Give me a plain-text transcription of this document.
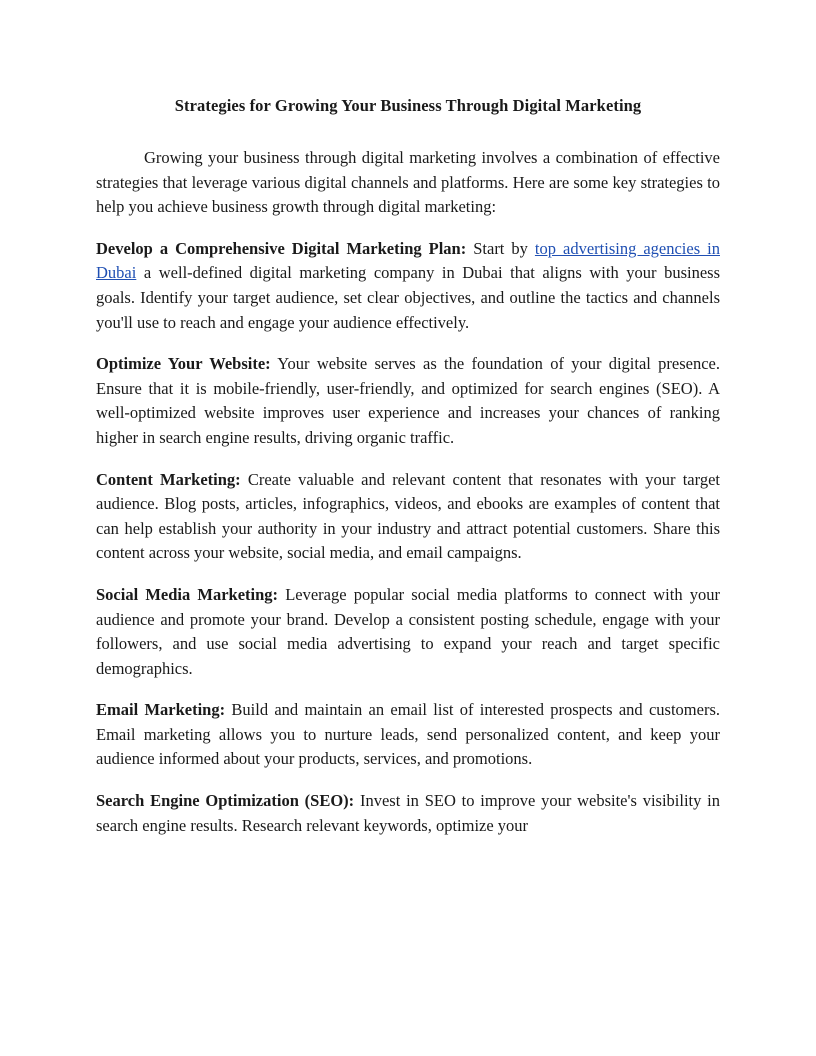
Strategies for Growing Your Business Through Digital Marketing

Growing your business through digital marketing involves a combination of effective strategies that leverage various digital channels and platforms. Here are some key strategies to help you achieve business growth through digital marketing:

Develop a Comprehensive Digital Marketing Plan: Start by top advertising agencies in Dubai a well-defined digital marketing company in Dubai that aligns with your business goals. Identify your target audience, set clear objectives, and outline the tactics and channels you'll use to reach and engage your audience effectively.

Optimize Your Website: Your website serves as the foundation of your digital presence. Ensure that it is mobile-friendly, user-friendly, and optimized for search engines (SEO). A well-optimized website improves user experience and increases your chances of ranking higher in search engine results, driving organic traffic.

Content Marketing: Create valuable and relevant content that resonates with your target audience. Blog posts, articles, infographics, videos, and ebooks are examples of content that can help establish your authority in your industry and attract potential customers. Share this content across your website, social media, and email campaigns.

Social Media Marketing: Leverage popular social media platforms to connect with your audience and promote your brand. Develop a consistent posting schedule, engage with your followers, and use social media advertising to expand your reach and target specific demographics.

Email Marketing: Build and maintain an email list of interested prospects and customers. Email marketing allows you to nurture leads, send personalized content, and keep your audience informed about your products, services, and promotions.

Search Engine Optimization (SEO): Invest in SEO to improve your website's visibility in search engine results. Research relevant keywords, optimize your
